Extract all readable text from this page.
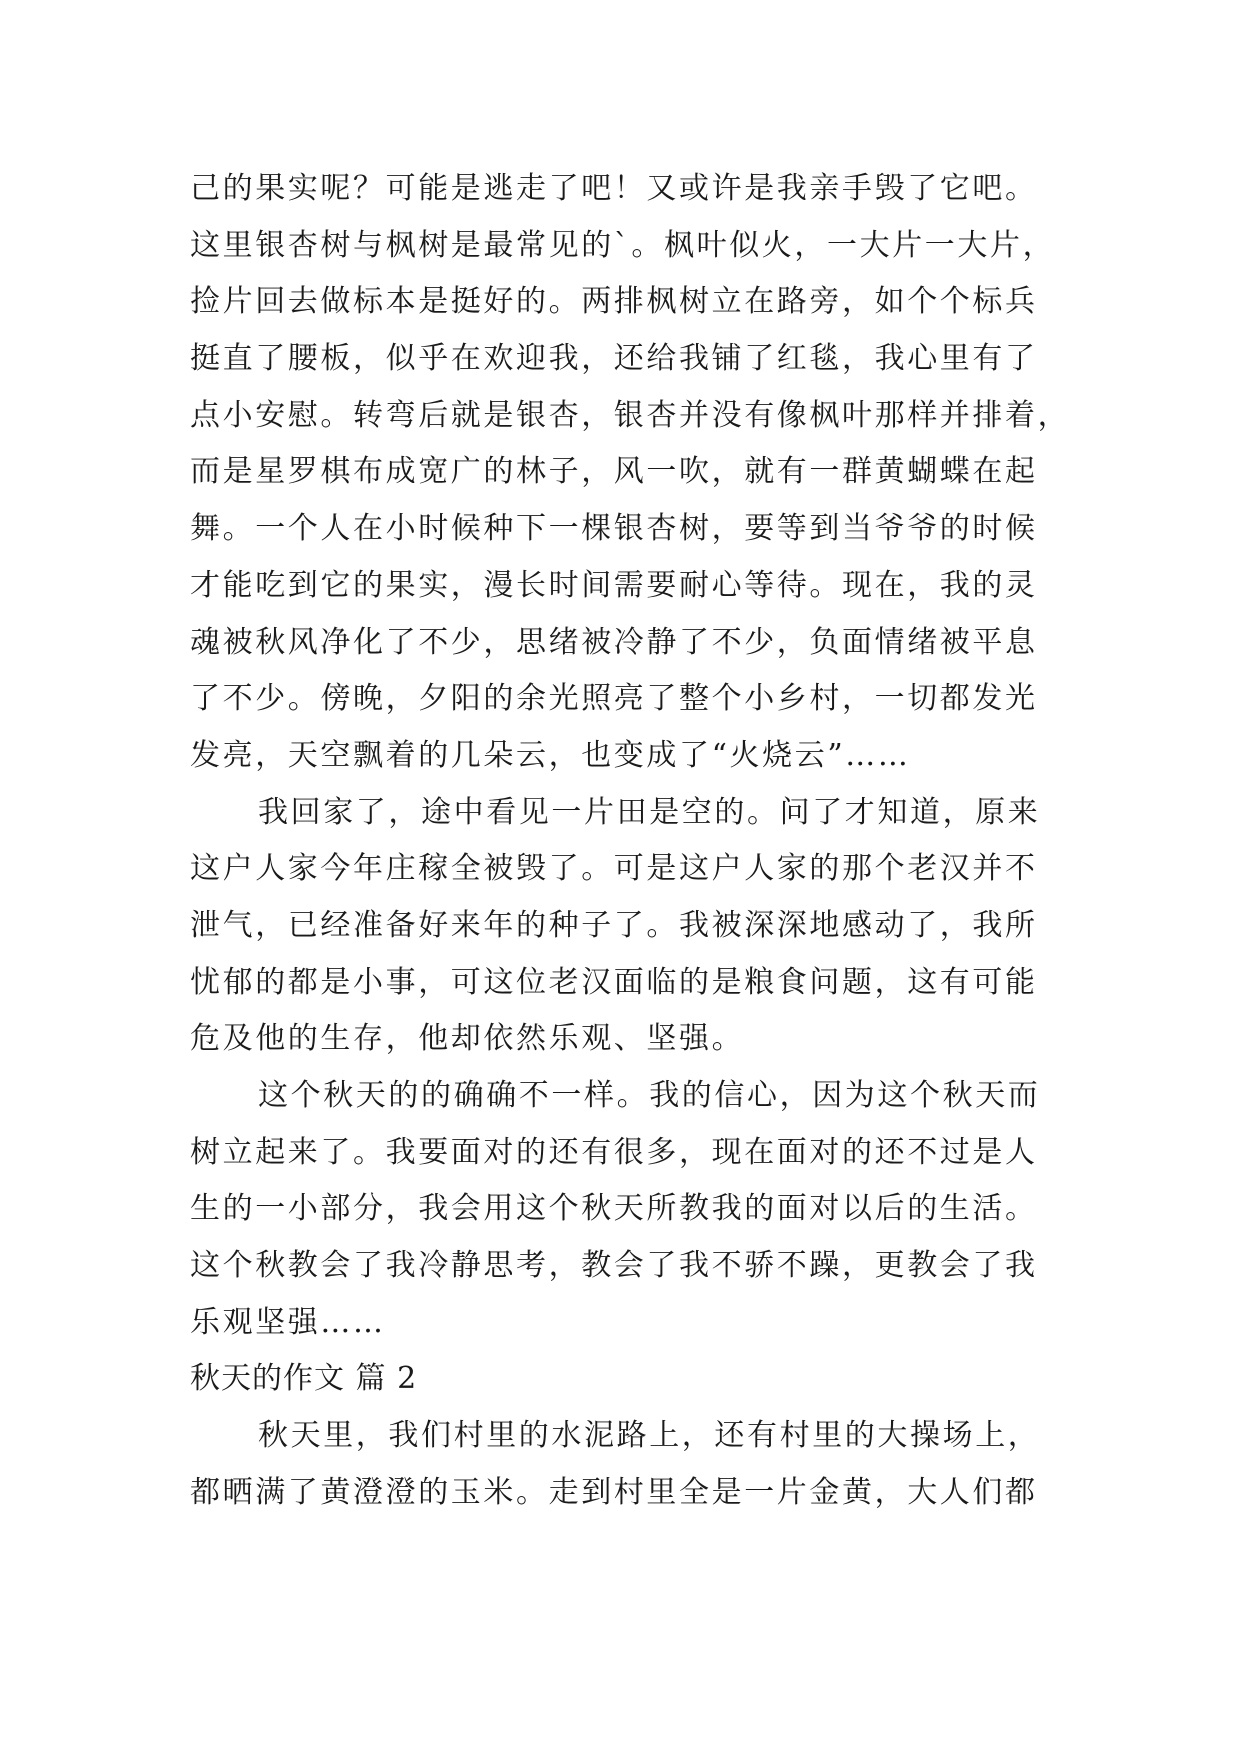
己的果实呢？可能是逃走了吧！又或许是我亲手毁了它吧。
这里银杏树与枫树是最常见的`。枫叶似火，一大片一大片，
捡片回去做标本是挺好的。两排枫树立在路旁，如个个标兵
挺直了腰板，似乎在欢迎我，还给我铺了红毯，我心里有了
点小安慰。转弯后就是银杏，银杏并没有像枫叶那样并排着，
而是星罗棋布成宽广的林子，风一吹，就有一群黄蝴蝶在起
舞。一个人在小时候种下一棵银杏树，要等到当爷爷的时候
才能吃到它的果实，漫长时间需要耐心等待。现在，我的灵
魂被秋风净化了不少，思绪被冷静了不少，负面情绪被平息
了不少。傍晚，夕阳的余光照亮了整个小乡村，一切都发光
发亮，天空飘着的几朵云，也变成了“火烧云”……
我回家了，途中看见一片田是空的。问了才知道，原来
这户人家今年庄稼全被毁了。可是这户人家的那个老汉并不
泄气，已经准备好来年的种子了。我被深深地感动了，我所
忧郁的都是小事，可这位老汉面临的是粮食问题，这有可能
危及他的生存，他却依然乐观、坚强。
这个秋天的的确确不一样。我的信心，因为这个秋天而
树立起来了。我要面对的还有很多，现在面对的还不过是人
生的一小部分，我会用这个秋天所教我的面对以后的生活。
这个秋教会了我冷静思考，教会了我不骄不躁，更教会了我
乐观坚强……
秋天的作文 篇 2
秋天里，我们村里的水泥路上，还有村里的大操场上，
都晒满了黄澄澄的玉米。走到村里全是一片金黄，大人们都
